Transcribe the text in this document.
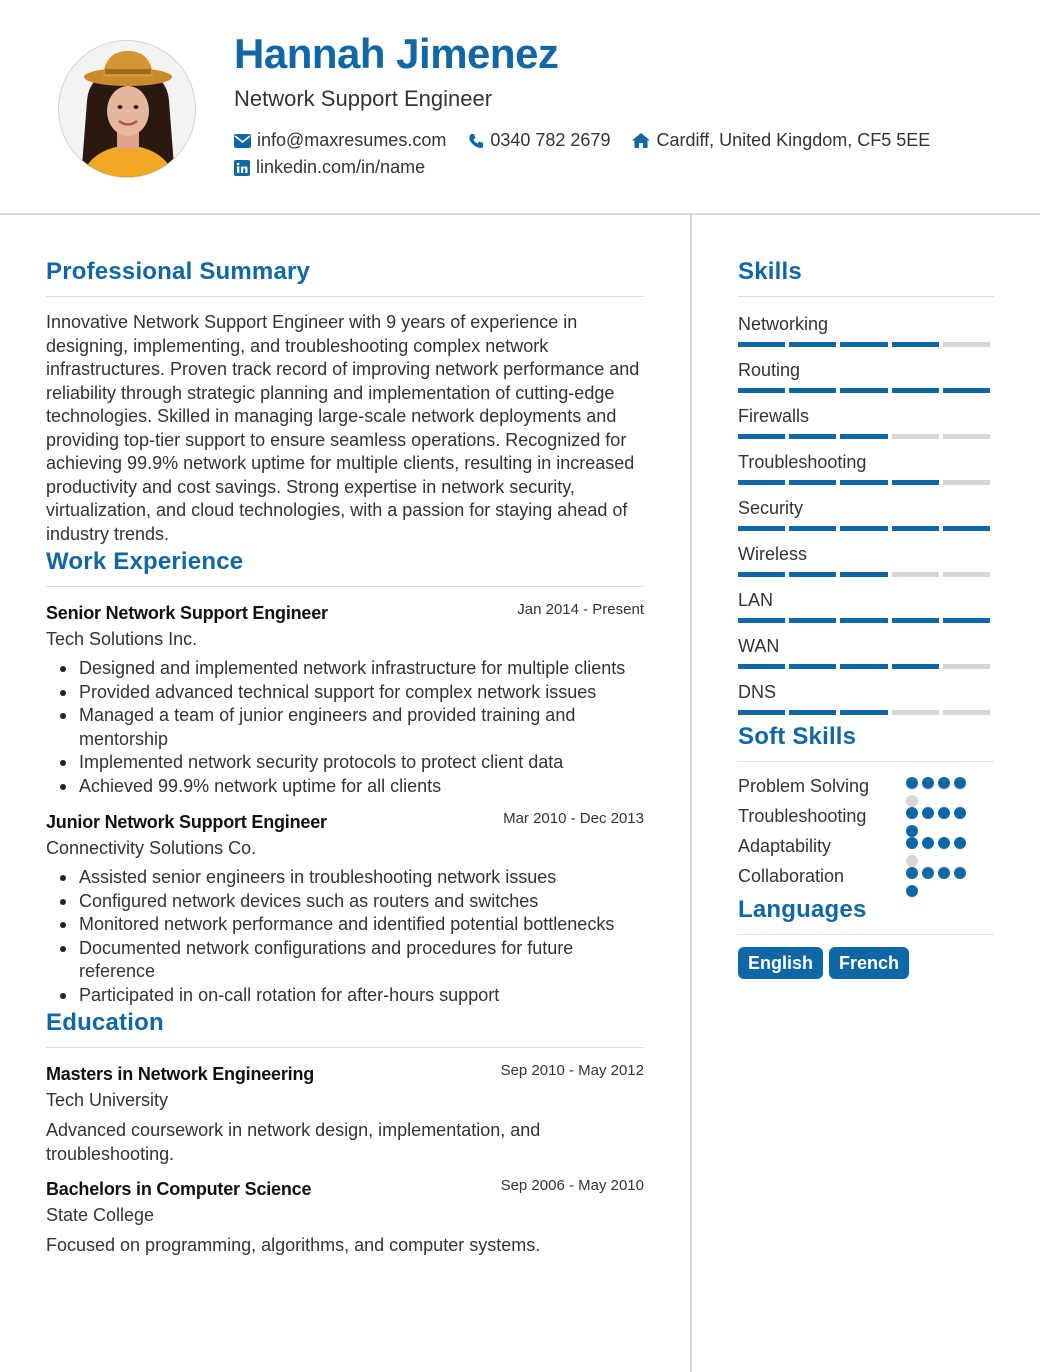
Hannah Jimenez
Network Support Engineer
info@maxresumes.com 0340 782 2679	Cardiff, United Kingdom, CF5 5EE
linkedin.com/in/name
Professional Summary

Innovative Network Support Engineer with 9 years of experience in designing, implementing, and troubleshooting complex network infrastructures. Proven track record of improving network performance and reliability through strategic planning and implementation of cutting-edge technologies. Skilled in managing large-scale network deployments and providing top-tier support to ensure seamless operations. Recognized for achieving 99.9% network uptime for multiple clients, resulting in increased productivity and cost savings. Strong expertise in network security, virtualization, and cloud technologies, with a passion for staying ahead of industry trends.

Work Experience
Senior Network Support Engineer	Jan 2014 - Present
Tech Solutions Inc.
Designed and implemented network infrastructure for multiple clients
Provided advanced technical support for complex network issues
Managed a team of junior engineers and provided training and mentorship
Implemented network security protocols to protect client data
Achieved 99.9% network uptime for all clients
Junior Network Support Engineer	Mar 2010 - Dec 2013
Connectivity Solutions Co.
Assisted senior engineers in troubleshooting network issues
Configured network devices such as routers and switches
Monitored network performance and identified potential bottlenecks
Documented network configurations and procedures for future reference
Participated in on-call rotation for after-hours support
Education
Masters in Network Engineering	Sep 2010 - May 2012
Tech University

Advanced coursework in network design, implementation, and troubleshooting.

Bachelors in Computer Science	Sep 2006 - May 2010
State College

Focused on programming, algorithms, and computer systems.

Skills
Networking
Routing
Firewalls
Troubleshooting
Security
Wireless
LAN
WAN
DNS
Soft Skills
Problem Solving
Troubleshooting
Adaptability
Collaboration
Languages
English	French
